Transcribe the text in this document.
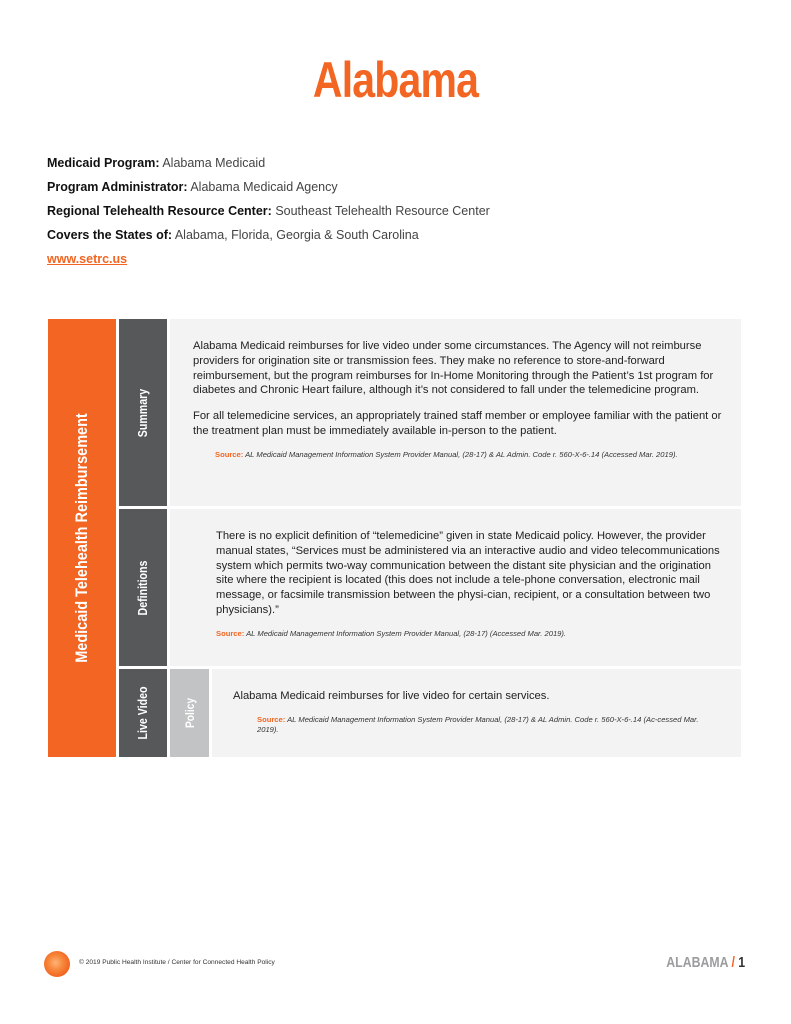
Alabama
Medicaid Program: Alabama Medicaid
Program Administrator: Alabama Medicaid Agency
Regional Telehealth Resource Center: Southeast Telehealth Resource Center
Covers the States of: Alabama, Florida, Georgia & South Carolina
www.setrc.us
Medicaid Telehealth Reimbursement
Summary

Alabama Medicaid reimburses for live video under some circumstances. The Agency will not reimburse providers for origination site or transmission fees. They make no reference to store-and-forward reimbursement, but the program reimburses for In-Home Monitoring through the Patient’s 1st program for diabetes and Chronic Heart failure, although it’s not considered to fall under the telemedicine program.

For all telemedicine services, an appropriately trained staff member or employee familiar with the patient or the treatment plan must be immediately available in-person to the patient.

Source: AL Medicaid Management Information System Provider Manual, (28-17) & AL Admin. Code r. 560-X-6-.14 (Accessed Mar. 2019).
Definitions

There is no explicit definition of “telemedicine” given in state Medicaid policy. However, the provider manual states, “Services must be administered via an interactive audio and video telecommunications system which permits two-way communication between the distant site physician and the origination site where the recipient is located (this does not include a tele-phone conversation, electronic mail message, or facsimile transmission between the physi-cian, recipient, or a consultation between two physicians).”

Source: AL Medicaid Management Information System Provider Manual, (28-17) (Accessed Mar. 2019).
Live Video	Policy

Alabama Medicaid reimburses for live video for certain services.

Source: AL Medicaid Management Information System Provider Manual, (28-17) & AL Admin. Code r. 560-X-6-.14 (Ac-cessed Mar. 2019).
© 2019 Public Health Institute / Center for Connected Health Policy	ALABAMA / 1
